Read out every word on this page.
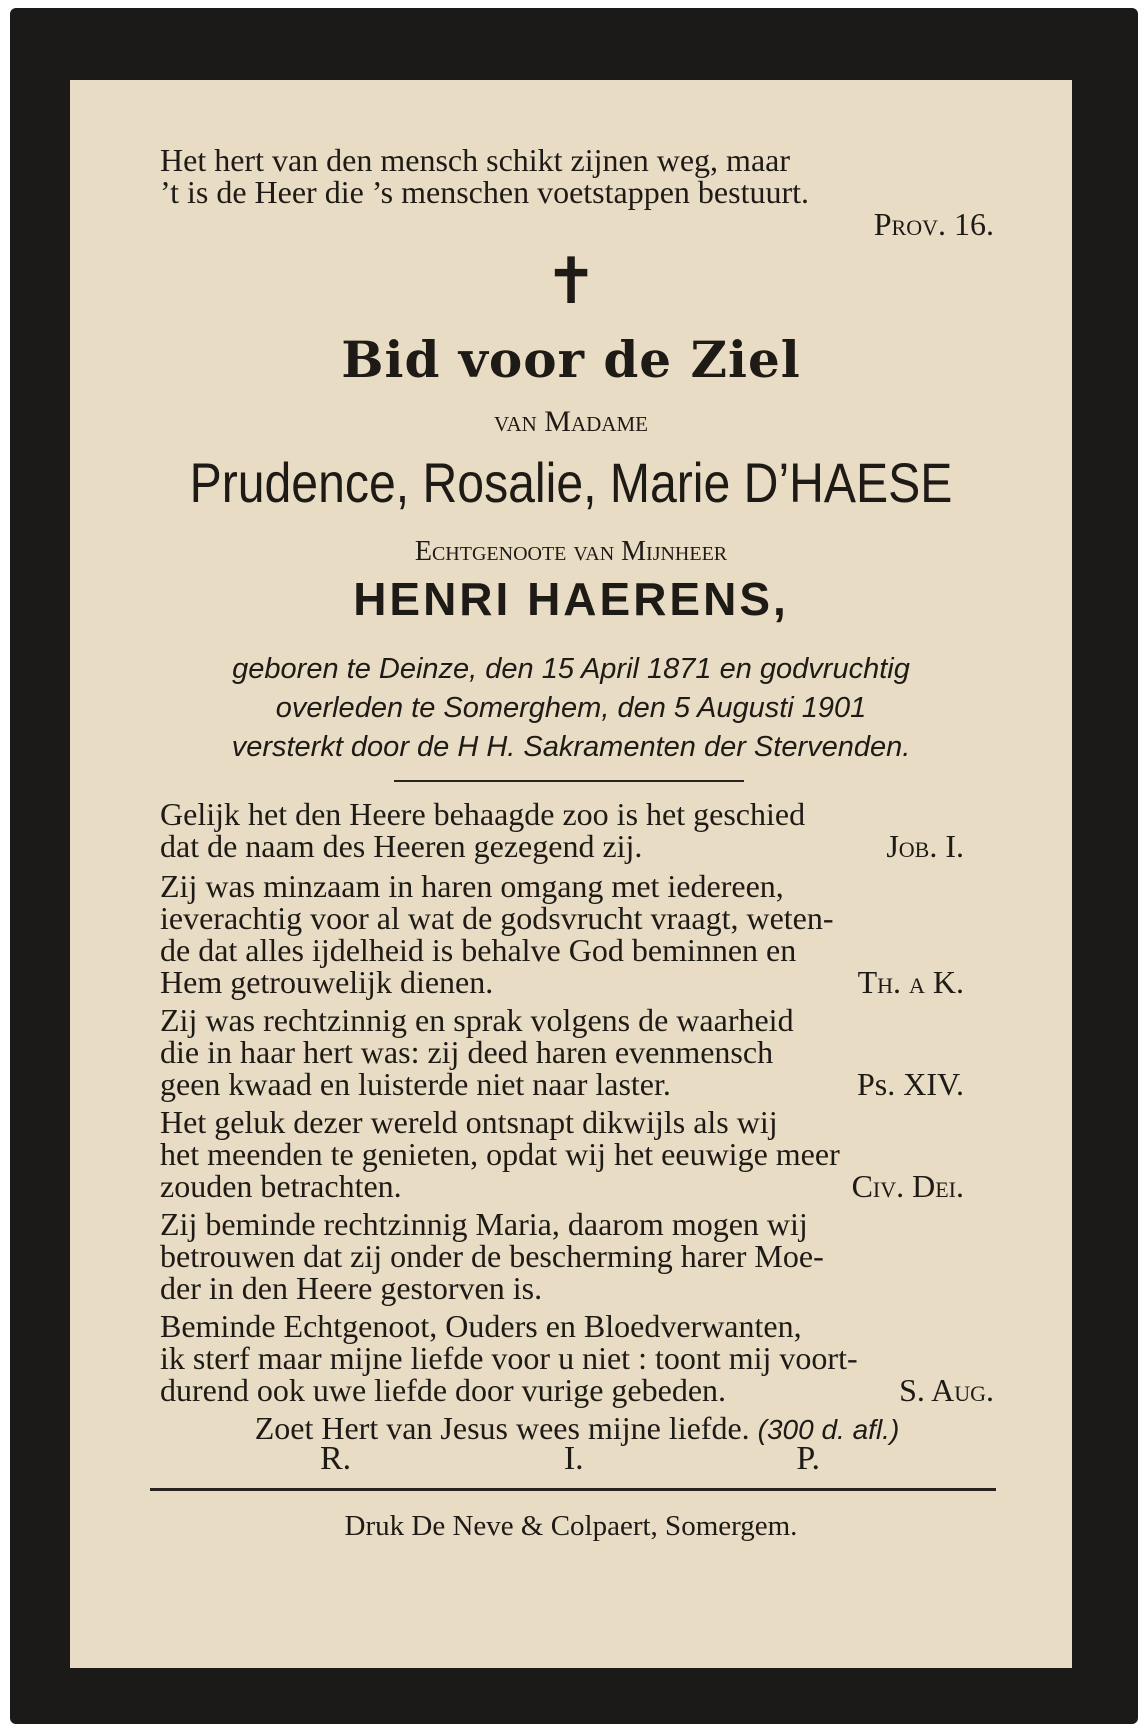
Het hert van den mensch schikt zijnen weg, maar
’t is de Heer die ’s menschen voetstappen bestuurt.
Prov. 16.
✝
Bid voor de Ziel
van Madame
Prudence, Rosalie, Marie D’HAESE
Echtgenoote van Mijnheer
HENRI HAERENS,
geboren te Deinze, den 15 April 1871 en godvruchtig
overleden te Somerghem, den 5 Augusti 1901
versterkt door de H H. Sakramenten der Stervenden.
Gelijk het den Heere behaagde zoo is het geschied
dat de naam des Heeren gezegend zij.	Job. I.
Zij was minzaam in haren omgang met iedereen,
ieverachtig voor al wat de godsvrucht vraagt, weten-
de dat alles ijdelheid is behalve God beminnen en
Hem getrouwelijk dienen.	Th. a K.
Zij was rechtzinnig en sprak volgens de waarheid
die in haar hert was: zij deed haren evenmensch
geen kwaad en luisterde niet naar laster.	Ps. XIV.
Het geluk dezer wereld ontsnapt dikwijls als wij
het meenden te genieten, opdat wij het eeuwige meer
zouden betrachten.	Civ. Dei.
Zij beminde rechtzinnig Maria, daarom mogen wij
betrouwen dat zij onder de bescherming harer Moe-
der in den Heere gestorven is.
Beminde Echtgenoot, Ouders en Bloedverwanten,
ik sterf maar mijne liefde voor u niet : toont mij voort-
durend ook uwe liefde door vurige gebeden.	S. Aug.
Zoet Hert van Jesus wees mijne liefde. (300 d. afl.)
R.	I.	P.
Druk De Neve & Colpaert, Somergem.
